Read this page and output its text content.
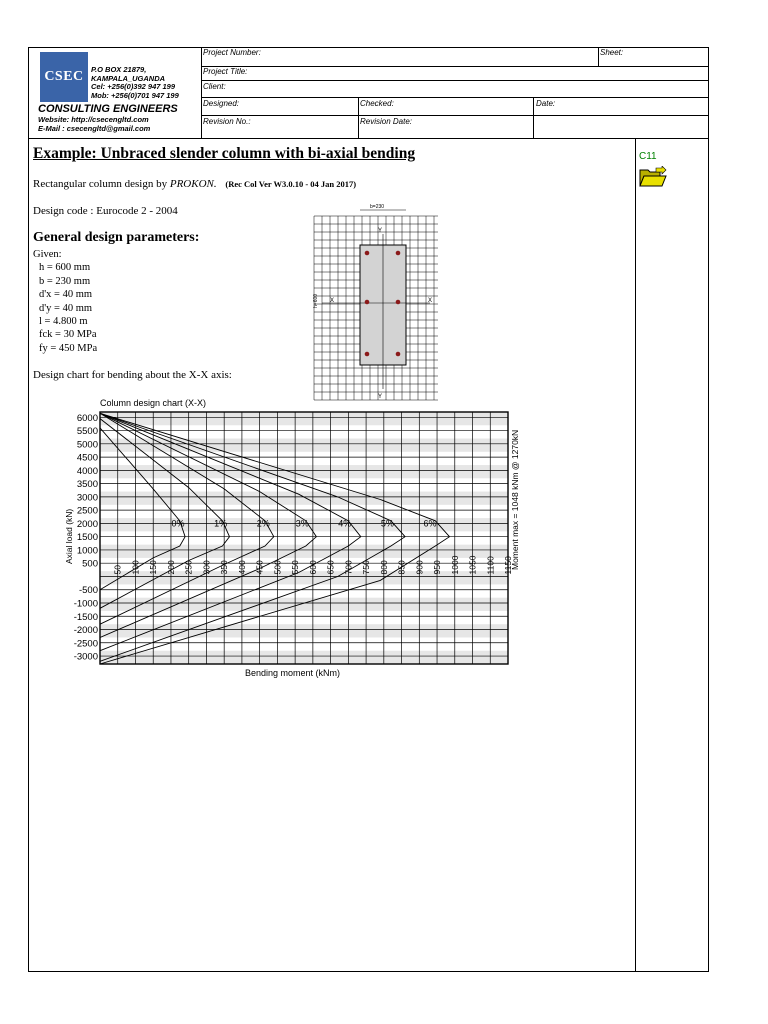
Project Number:	Sheet:
Project Title:
Client:
Designed:	Checked:	Date:
Revision No.:	Revision Date:
CSEC P.O BOX 21879,
KAMPALA_UGANDA
Cel: +256(0)392 947 199
Mob: +256(0)701 947 199
CONSULTING ENGINEERS
Website: http://csecengltd.com
E-Mail : csecengltd@gmail.com
Example: Unbraced slender column with bi-axial bending
Rectangular column design by PROKON. (Rec Col Ver W3.0.10 - 04 Jan 2017)
Design code : Eurocode 2 - 2004
General design parameters:
Given:
h = 600 mm
b = 230 mm
d'x = 40 mm
d'y = 40 mm
l = 4.800 m
fck = 30 MPa
fy = 450 MPa
Design chart for bending about the X-X axis:
C11
b=230
h=600 X	X
Y
Y
Column design chart (X-X)
6000
5500
5000
4500
4000
3500
3000
2500
2000
1500
1000
500
-500
-1000
-1500
-2000
-2500
-3000
50 100 150 200 250 300 350 400 450 500 550 600 650 700 750 800 850 900 950 1000 1050 1100 1150
0%	1%	2%	3%	4%	5%	6%
Bending moment (kNm)
Axial load (kN)	Moment max = 1048 kNm @ 1270kN
